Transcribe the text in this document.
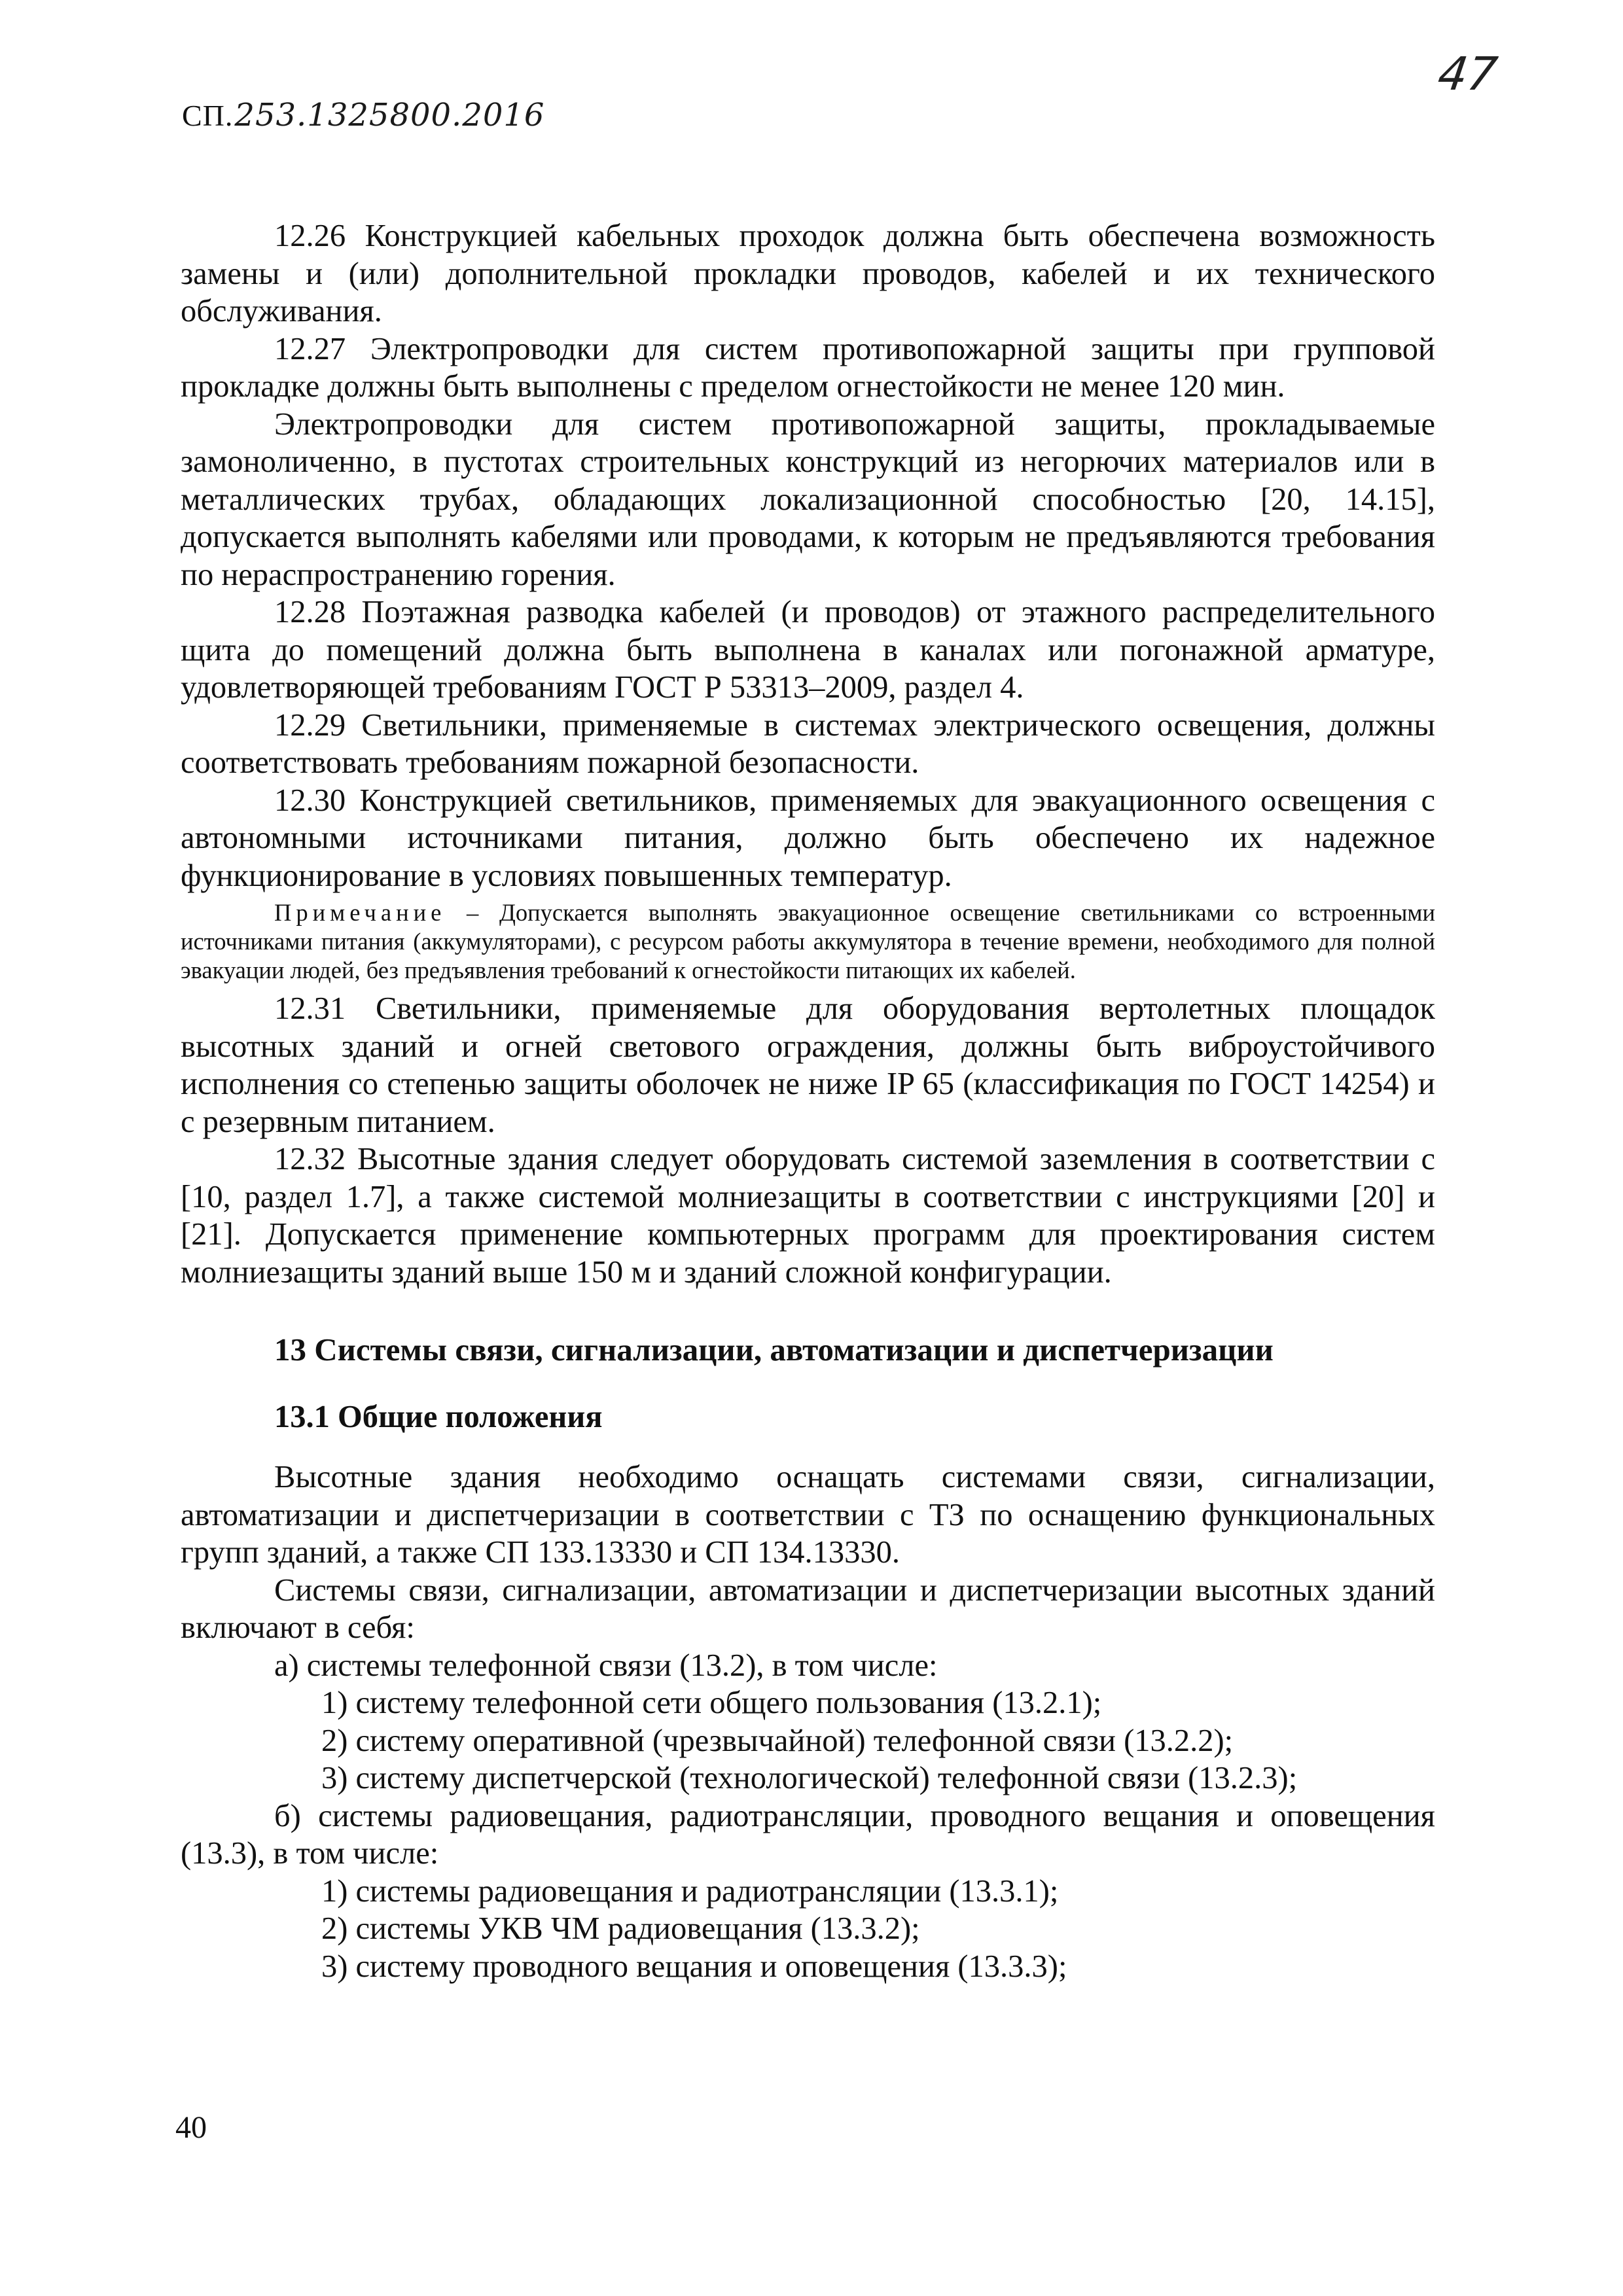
СП.253.1325800.2016
47

12.26 Конструкцией кабельных проходок должна быть обеспечена возможность замены и (или) дополнительной прокладки проводов, кабелей и их технического обслуживания.

12.27 Электропроводки для систем противопожарной защиты при групповой прокладке должны быть выполнены с пределом огнестойкости не менее 120 мин.

Электропроводки для систем противопожарной защиты, прокладываемые замоноличенно, в пустотах строительных конструкций из негорючих материалов или в металлических трубах, обладающих локализационной способностью [20, 14.15], допускается выполнять кабелями или проводами, к которым не предъявляются требования по нераспространению горения.

12.28 Поэтажная разводка кабелей (и проводов) от этажного распределительного щита до помещений должна быть выполнена в каналах или погонажной арматуре, удовлетворяющей требованиям ГОСТ Р 53313–2009, раздел 4.

12.29 Светильники, применяемые в системах электрического освещения, должны соответствовать требованиям пожарной безопасности.

12.30 Конструкцией светильников, применяемых для эвакуационного освещения с автономными источниками питания, должно быть обеспечено их надежное функционирование в условиях повышенных температур.

Примечание – Допускается выполнять эвакуационное освещение светильниками со встроенными источниками питания (аккумуляторами), с ресурсом работы аккумулятора в течение времени, необходимого для полной эвакуации людей, без предъявления требований к огнестойкости питающих их кабелей.

12.31 Светильники, применяемые для оборудования вертолетных площадок высотных зданий и огней светового ограждения, должны быть виброустойчивого исполнения со степенью защиты оболочек не ниже IP 65 (классификация по ГОСТ 14254) и с резервным питанием.

12.32 Высотные здания следует оборудовать системой заземления в соответствии с [10, раздел 1.7], а также системой молниезащиты в соответствии с инструкциями [20] и [21]. Допускается применение компьютерных программ для проектирования систем молниезащиты зданий выше 150 м и зданий сложной конфигурации.

13 Системы связи, сигнализации, автоматизации и диспетчеризации
13.1 Общие положения

Высотные здания необходимо оснащать системами связи, сигнализации, автоматизации и диспетчеризации в соответствии с ТЗ по оснащению функциональных групп зданий, а также СП 133.13330 и СП 134.13330.

Системы связи, сигнализации, автоматизации и диспетчеризации высотных зданий включают в себя:

а) системы телефонной связи (13.2), в том числе:

1) систему телефонной сети общего пользования (13.2.1);

2) систему оперативной (чрезвычайной) телефонной связи (13.2.2);

3) систему диспетчерской (технологической) телефонной связи (13.2.3);

б) системы радиовещания, радиотрансляции, проводного вещания и оповещения (13.3), в том числе:

1) системы радиовещания и радиотрансляции (13.3.1);

2) системы УКВ ЧМ радиовещания (13.3.2);

3) систему проводного вещания и оповещения (13.3.3);

40
